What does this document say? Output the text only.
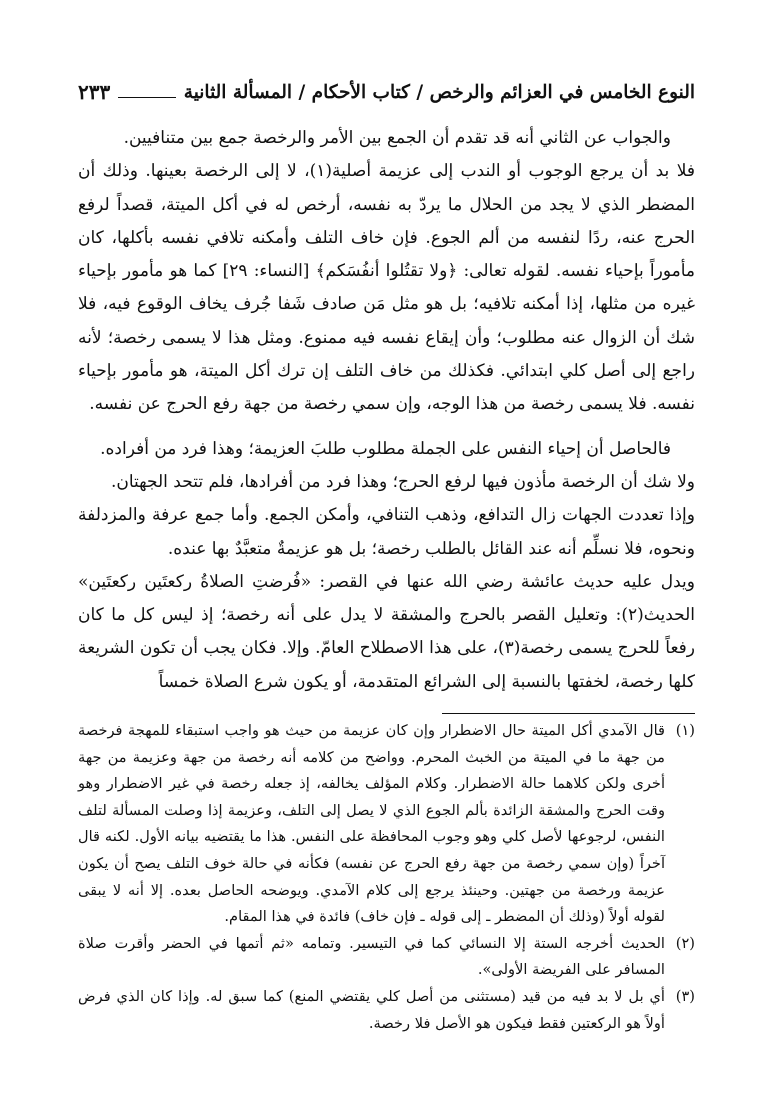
النوع الخامس في العزائم والرخص / كتاب الأحكام / المسألة الثانية
٢٣٣

والجواب عن الثاني أنه قد تقدم أن الجمع بين الأمر والرخصة جمع بين متنافيين.

فلا بد أن يرجع الوجوب أو الندب إلى عزيمة أصلية(١)، لا إلى الرخصة بعينها. وذلك أن المضطر الذي لا يجد من الحلال ما يردّ به نفسه، أرخص له في أكل الميتة، قصداً لرفع الحرج عنه، ردًا لنفسه من ألم الجوع. فإن خاف التلف وأمكنه تلافي نفسه بأكلها، كان مأموراً بإحياء نفسه. لقوله تعالى: ﴿ولا تقتُلوا أنفُسَكم﴾ [النساء: ٢٩] كما هو مأمور بإحياء غيره من مثلها، إذا أمكنه تلافيه؛ بل هو مثل مَن صادف شَفا جُرف يخاف الوقوع فيه، فلا شك أن الزوال عنه مطلوب؛ وأن إيقاع نفسه فيه ممنوع. ومثل هذا لا يسمى رخصة؛ لأنه راجع إلى أصل كلي ابتدائي. فكذلك من خاف التلف إن ترك أكل الميتة، هو مأمور بإحياء نفسه. فلا يسمى رخصة من هذا الوجه، وإن سمي رخصة من جهة رفع الحرج عن نفسه.

فالحاصل أن إحياء النفس على الجملة مطلوب طلبَ العزيمة؛ وهذا فرد من أفراده.

ولا شك أن الرخصة مأذون فيها لرفع الحرج؛ وهذا فرد من أفرادها، فلم تتحد الجهتان.

وإذا تعددت الجهات زال التدافع، وذهب التنافي، وأمكن الجمع. وأما جمع عرفة والمزدلفة ونحوه، فلا نسلِّم أنه عند القائل بالطلب رخصة؛ بل هو عزيمةٌ متعبَّدٌ بها عنده.

ويدل عليه حديث عائشة رضي الله عنها في القصر: «فُرضتِ الصلاةُ ركعتَين ركعتَين» الحديث(٢): وتعليل القصر بالحرج والمشقة لا يدل على أنه رخصة؛ إذ ليس كل ما كان رفعاً للحرج يسمى رخصة(٣)، على هذا الاصطلاح العامّ. وإلا. فكان يجب أن تكون الشريعة كلها رخصة، لخفتها بالنسبة إلى الشرائع المتقدمة، أو يكون شرع الصلاة خمساً

(١)
قال الآمدي أكل الميتة حال الاضطرار وإن كان عزيمة من حيث هو واجب استبقاء للمهجة فرخصة من جهة ما في الميتة من الخبث المحرم. وواضح من كلامه أنه رخصة من جهة وعزيمة من جهة أخرى ولكن كلاهما حالة الاضطرار. وكلام المؤلف يخالفه، إذ جعله رخصة في غير الاضطرار وهو وقت الحرج والمشقة الزائدة بألم الجوع الذي لا يصل إلى التلف، وعزيمة إذا وصلت المسألة لتلف النفس، لرجوعها لأصل كلي وهو وجوب المحافظة على النفس. هذا ما يقتضيه بيانه الأول. لكنه قال آخراً (وإن سمي رخصة من جهة رفع الحرج عن نفسه) فكأنه في حالة خوف التلف يصح أن يكون عزيمة ورخصة من جهتين. وحينئذ يرجع إلى كلام الآمدي. ويوضحه الحاصل بعده. إلا أنه لا يبقى لقوله أولاً (وذلك أن المضطر ـ إلى قوله ـ فإن خاف) فائدة في هذا المقام.
(٢)
الحديث أخرجه الستة إلا النسائي كما في التيسير. وتمامه «ثم أتمها في الحضر وأقرت صلاة المسافر على الفريضة الأولى».
(٣)
أي بل لا بد فيه من قيد (مستثنى من أصل كلي يقتضي المنع) كما سبق له. وإذا كان الذي فرض أولاً هو الركعتين فقط فيكون هو الأصل فلا رخصة.
